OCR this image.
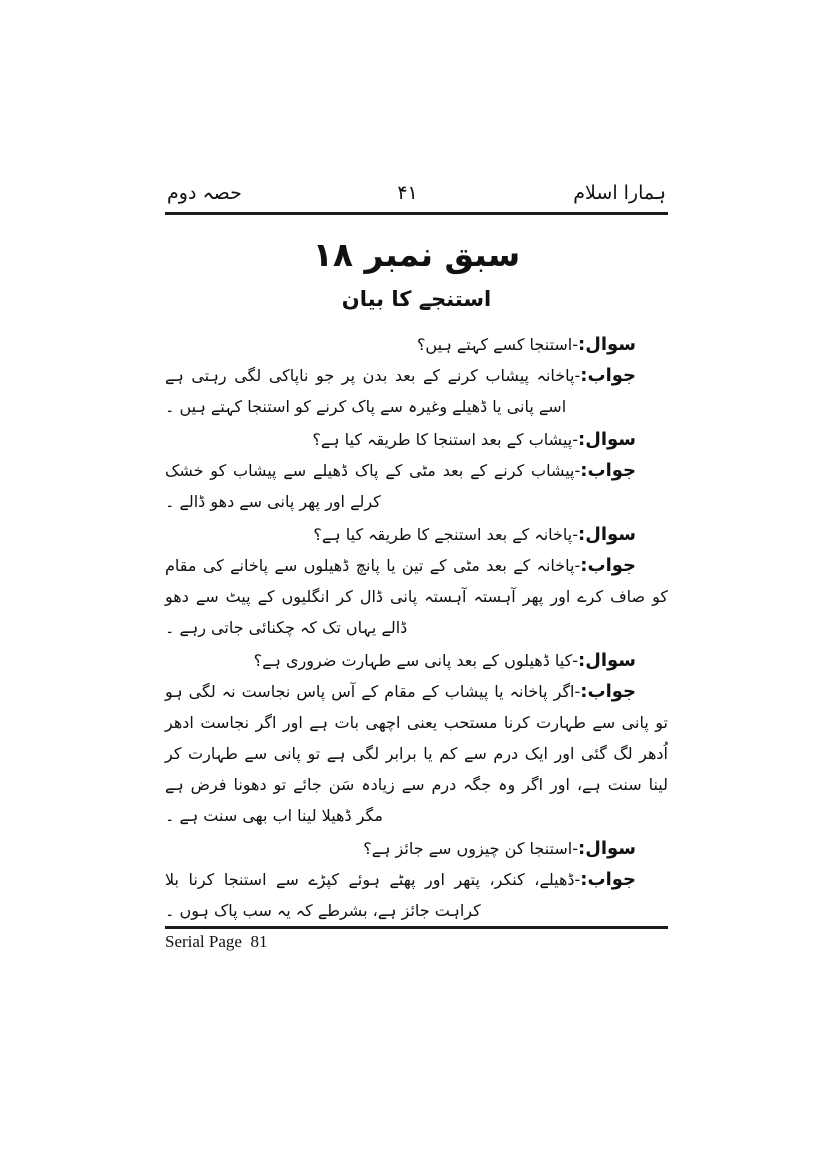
ہمارا اسلام
۴۱
حصہ دوم
سبق نمبر ۱۸
استنجے کا بیان

سوال:-استنجا کسے کہتے ہیں؟

جواب:-پاخانہ پیشاب کرنے کے بعد بدن پر جو ناپاکی لگی رہتی ہے اسے پانی یا ڈھیلے وغیرہ سے پاک کرنے کو استنجا کہتے ہیں ۔

سوال:-پیشاب کے بعد استنجا کا طریقہ کیا ہے؟

جواب:-پیشاب کرنے کے بعد مٹی کے پاک ڈھیلے سے پیشاب کو خشک کرلے اور پھر پانی سے دھو ڈالے ۔

سوال:-پاخانہ کے بعد استنجے کا طریقہ کیا ہے؟

جواب:-پاخانہ کے بعد مٹی کے تین یا پانچ ڈھیلوں سے پاخانے کی مقام کو صاف کرے اور پھر آہستہ آہستہ پانی ڈال کر انگلیوں کے پیٹ سے دھو ڈالے یہاں تک کہ چکنائی جاتی رہے ۔

سوال:-کیا ڈھیلوں کے بعد پانی سے طہارت ضروری ہے؟

جواب:-اگر پاخانہ یا پیشاب کے مقام کے آس پاس نجاست نہ لگی ہو تو پانی سے طہارت کرنا مستحب یعنی اچھی بات ہے اور اگر نجاست ادھر اُدھر لگ گئی اور ایک درم سے کم یا برابر لگی ہے تو پانی سے طہارت کر لینا سنت ہے، اور اگر وہ جگہ درم سے زیادہ سَن جائے تو دھونا فرض ہے مگر ڈھیلا لینا اب بھی سنت ہے ۔

سوال:-استنجا کن چیزوں سے جائز ہے؟

جواب:-ڈھیلے، کنکر، پتھر اور پھٹے ہوئے کپڑے سے استنجا کرنا بلا کراہت جائز ہے، بشرطے کہ یہ سب پاک ہوں ۔

Serial Page  81
